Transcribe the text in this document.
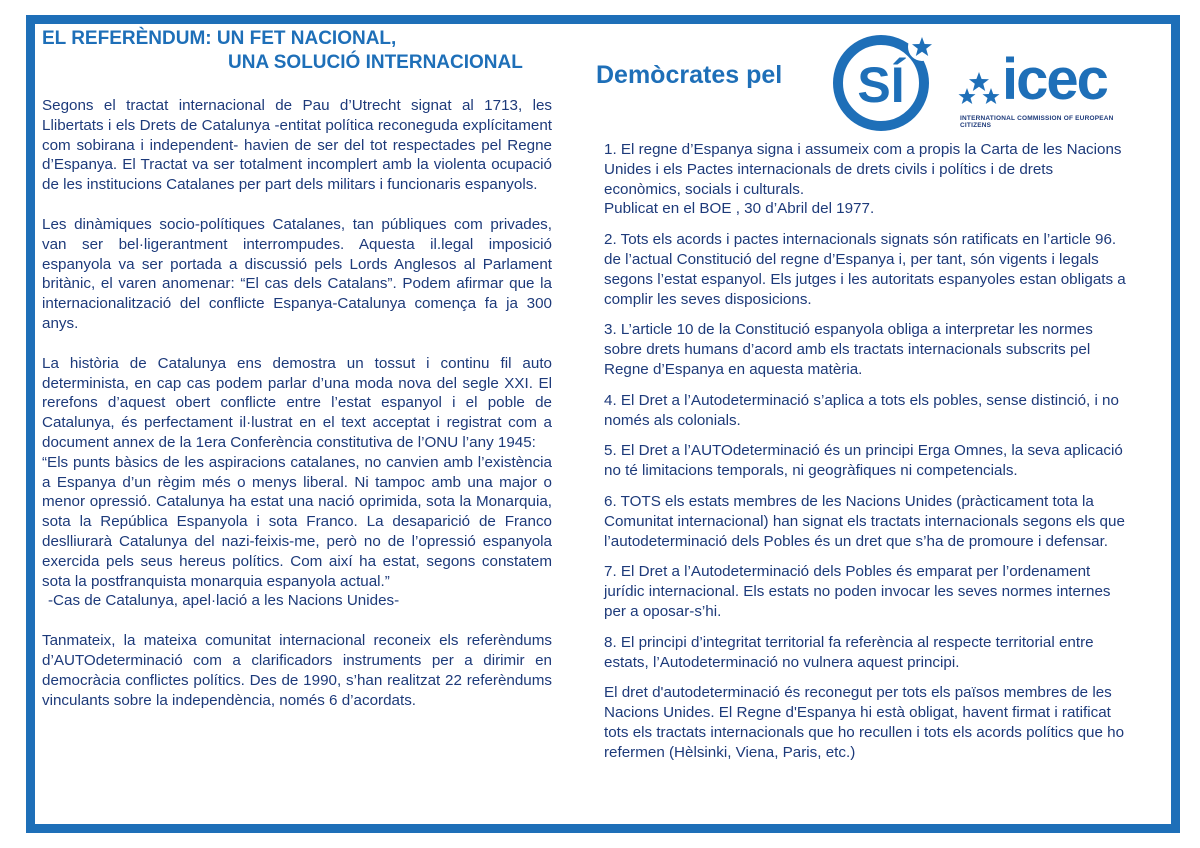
EL REFERÈNDUM: UN FET NACIONAL,
UNA SOLUCIÓ INTERNACIONAL

Segons el tractat internacional de Pau d’Utrecht signat al 1713, les Llibertats i els Drets de Catalunya -entitat política reconeguda explícitament com sobirana i independent- havien de ser del tot respectades pel Regne d’Espanya. El Tractat va ser totalment incomplert amb la violenta ocupació de les institucions Catalanes per part dels militars i funcionaris espanyols.

Les dinàmiques socio-polítiques Catalanes, tan públiques com privades, van ser bel·ligerantment interrompudes. Aquesta il.legal imposició espanyola va ser portada a discussió pels Lords Anglesos al Parlament britànic, el varen anomenar: “El cas dels Catalans”. Podem afirmar que la internacionalització del conflicte Espanya-Catalunya comença fa ja 300 anys.

La història de Catalunya ens demostra un tossut i continu fil auto determinista, en cap cas podem parlar d’una moda nova del segle XXI. El rerefons d’aquest obert conflicte entre l’estat espanyol i el poble de Catalunya, és perfectament il·lustrat en el text acceptat i registrat com a document annex de la 1era Conferència constitutiva de l’ONU l’any 1945:

“Els punts bàsics de les aspiracions catalanes, no canvien amb l’existència a Espanya d’un règim més o menys liberal. Ni tampoc amb una major o menor opressió. Catalunya ha estat una nació oprimida, sota la Monarquia, sota la República Espanyola i sota Franco. La desaparició de Franco deslliurarà Catalunya del nazi-feixis-me, però no de l’opressió espanyola exercida pels seus hereus polítics. Com així ha estat, segons constatem sota la postfranquista monarquia espanyola actual.”

-Cas de Catalunya, apel·lació a les Nacions Unides-

Tanmateix, la mateixa comunitat internacional reconeix els referèndums d’AUTOdeterminació com a clarificadors instruments per a dirimir en democràcia conflictes polítics. Des de 1990, s’han realitzat 22 referèndums vinculants sobre la independència, només 6 d’acordats.

Demòcrates pel SÍ icec
INTERNATIONAL COMMISSION OF EUROPEAN CITIZENS

1. El regne d’Espanya signa i assumeix com a propis la Carta de les Nacions Unides i els Pactes internacionals de drets civils i polítics i de drets econòmics, socials i culturals.

Publicat en el BOE , 30 d’Abril del 1977.

2. Tots els acords i pactes internacionals signats són ratificats en l’article 96. de l’actual Constitució del regne d’Espanya i, per tant, són vigents i legals segons l’estat espanyol. Els jutges i les autoritats espanyoles estan obligats a complir les seves disposicions.

3. L’article 10 de la Constitució espanyola obliga a interpretar les normes sobre drets humans d’acord amb els tractats internacionals subscrits pel Regne d’Espanya en aquesta matèria.

4. El Dret a l’Autodeterminació s’aplica a tots els pobles, sense distinció, i no només als colonials.

5. El Dret a l’AUTOdeterminació és un principi Erga Omnes, la seva aplicació no té limitacions temporals, ni geogràfiques ni competencials.

6. TOTS els estats membres de les Nacions Unides (pràcticament tota la Comunitat internacional) han signat els tractats internacionals segons els que l’autodeterminació dels Pobles és un dret que s’ha de promoure i defensar.

7. El Dret a l’Autodeterminació dels Pobles és emparat per l’ordenament jurídic internacional. Els estats no poden invocar les seves normes internes per a oposar-s’hi.

8. El principi d’integritat territorial fa referència al respecte territorial entre estats, l’Autodeterminació no vulnera aquest principi.

El dret d'autodeterminació és reconegut per tots els països membres de les Nacions Unides. El Regne d'Espanya hi està obligat, havent firmat i ratificat tots els tractats internacionals que ho recullen i tots els acords polítics que ho refermen (Hèlsinki, Viena, Paris, etc.)
